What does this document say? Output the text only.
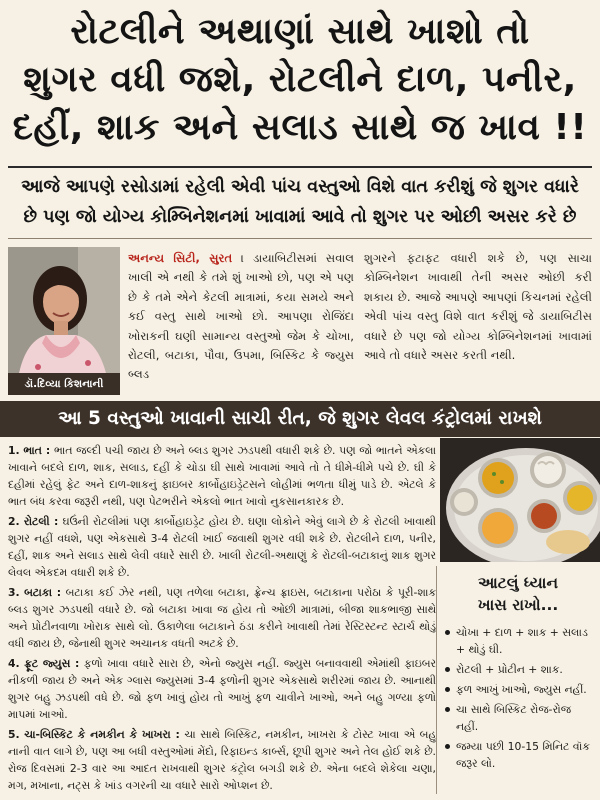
રોટલીને અથાણાં સાથે ખાશો તો
શુગર વધી જશે, રોટલીને દાળ, પનીર,
દહીં, શાક અને સલાડ સાથે જ ખાવ !!
આજે આપણે રસોડામાં રહેલી એવી પાંચ વસ્તુઓ વિશે વાત કરીશું જે શુગર વધારે
છે પણ જો યોગ્ય કોમ્બિનેશનમાં ખાવામાં આવે તો શુગર પર ઓછી અસર કરે છે
ડૉ.દિવ્યા કિશનાની
અનન્ય સિટી, સુરત । ડાયાબિટીસમાં સવાલ ખાલી એ નથી કે તમે શું ખાઓ છો, પણ એ પણ છે કે તમે એને કેટલી માત્રામાં, કયા સમયે અને કઈ વસ્તુ સાથે ખાઓ છો. આપણા રોજિંદા ખોરાકની ઘણી સામાન્ય વસ્તુઓ જેમ કે ચોખા, રોટલી, બટાકા, પૌવા, ઉપમા, બિસ્કિટ કે જ્યુસ બ્લડ
શુગરને ફટાફટ વધારી શકે છે, પણ સાચા કોમ્બિનેશન ખાવાથી તેની અસર ઓછી કરી શકાય છે. આજે આપણે આપણાં કિચનમાં રહેલી એવી પાંચ વસ્તુ વિશે વાત કરીશું જે ડાયાબિટીસ વધારે છે પણ જો યોગ્ય કોમ્બિનેશનમાં ખાવામાં આવે તો વધારે અસર કરતી નથી.
આ 5 વસ્તુઓ ખાવાની સાચી રીત, જે શુગર લેવલ કંટ્રોલમાં રાખશે

1. ભાત : ભાત જલ્દી પચી જાય છે અને બ્લડ શુગર ઝડપથી વધારી શકે છે. પણ જો ભાતને એકલા ખાવાને બદલે દાળ, શાક, સલાડ, દહીં કે ચોડા ઘી સાથે ખાવામાં આવે તો તે ધીમે-ધીમે પચે છે. ઘી કે દહીમાં રહેલું ફેટ અને દાળ-શાકનું ફાઇબર કાર્બોહાઇડ્રેટસને લોહીમાં ભળતા ધીમું પાડે છે. એટલે કે ભાત બંધ કરવા જરૂરી નથી, પણ પેટભરીને એકલો ભાત ખાવો નુકસાનકારક છે.

2. રોટલી : ઘઉંની રોટલીમાં પણ કાર્બોહાઇડ્રેટ હોય છે. ઘણા લોકોને એવું લાગે છે કે રોટલી ખાવાથી શુગર નહીં વધશે, પણ એકસાથે 3-4 રોટલી ખાઈ જવાથી શુગર વધી શકે છે. રોટલીને દાળ, પનીર, દહીં, શાક અને સલાડ સાથે લેવી વધારે સારી છે. ખાલી રોટલી-અથાણું કે રોટલી-બટાકાનું શાક શુગર લેવલ એકદમ વધારી શકે છે.

3. બટાકા : બટાકા કઈ ઝેર નથી, પણ તળેલા બટાકા, ફ્રેન્ચ ફ્રાઇસ, બટાકાના પરોઠા કે પૂરી-શાક બ્લડ શુગર ઝડપથી વધારે છે. જો બટાકા ખાવા જ હોય તો ઓછી માત્રામાં, બીજા શાકભાજી સાથે અને પ્રોટીનવાળા ખોરાક સાથે લો. ઉકાળેલા બટાકાને ઠંડા કરીને ખાવાથી તેમાં રેસ્ટિસ્ટન્ટ સ્ટાર્ચ થોડું વધી જાય છે, જેનાથી શુગર અચાનક વધતી અટકે છે.

4. ફ્રૂટ જ્યુસ : ફળો ખાવા વધારે સારા છે, એનો જ્યુસ નહીં. જ્યુસ બનાવવાથી એમાંથી ફાઇબર નીકળી જાય છે અને એક ગ્લાસ જ્યુસમાં 3-4 ફળોની શુગર એકસાથે શરીરમાં જાય છે. આનાથી શુગર બહુ ઝડપથી વધે છે. જો ફળ ખાવું હોય તો આખું ફળ ચાવીને ખાઓ, અને બહુ ગળ્યા ફળો માપમાં ખાઓ.

5. ચા-બિસ્કિટ કે નમકીન કે ખાખરા : ચા સાથે બિસ્કિટ, નમકીન, ખાખરા કે ટોસ્ટ ખાવા એ બહુ નાની વાત લાગે છે, પણ આ બધી વસ્તુઓમાં મેંદો, રિફાઇન્ડ કાર્બ્સ, છૂપી શુગર અને તેલ હોઈ શકે છે. રોજ દિવસમાં 2-3 વાર આ આદત રાખવાથી શુગર કંટ્રોલ બગડી શકે છે. એના બદલે શેકેલા ચણા, મગ, મખાના, નટ્સ કે ખાંડ વગરની ચા વધારે સારો ઓપ્શન છે.

આટલું ધ્યાન
ખાસ રાખો...
ચોખા + દાળ + શાક + સલાડ + થોડું ઘી.
રોટલી + પ્રોટીન + શાક.
ફળ આખું ખાઓ, જ્યુસ નહીં.
ચા સાથે બિસ્કિટ રોજ-રોજ નહીં.
જમ્યા પછી 10-15 મિનિટ વૉક જરૂર લો.
